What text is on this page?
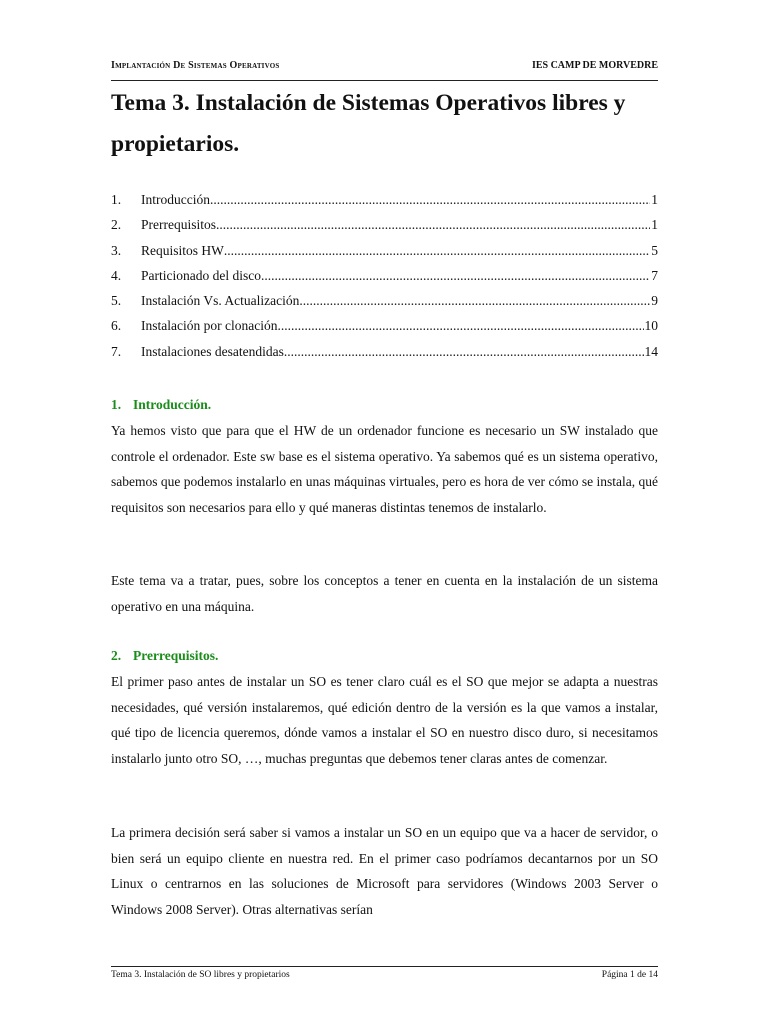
Implantación De Sistemas Operativos	IES CAMP DE MORVEDRE
Tema 3. Instalación de Sistemas Operativos libres y propietarios.
1.	Introducción .....	1
2.	Prerrequisitos .....	1
3.	Requisitos HW .....	5
4.	Particionado del disco .....	7
5.	Instalación Vs. Actualización .....	9
6.	Instalación por clonación .....	10
7.	Instalaciones desatendidas .....	14
1. Introducción.

Ya hemos visto que para que el HW de un ordenador funcione es necesario un SW instalado que controle el ordenador. Este sw base es el sistema operativo. Ya sabemos qué es un sistema operativo, sabemos que podemos instalarlo en unas máquinas virtuales, pero es hora de ver cómo se instala, qué requisitos son necesarios para ello y qué maneras distintas tenemos de instalarlo.

Este tema va a tratar, pues, sobre los conceptos a tener en cuenta en la instalación de un sistema operativo en una máquina.

2. Prerrequisitos.

El primer paso antes de instalar un SO es tener claro cuál es el SO que mejor se adapta a nuestras necesidades, qué versión instalaremos, qué edición dentro de la versión es la que vamos a instalar, qué tipo de licencia queremos, dónde vamos a instalar el SO en nuestro disco duro, si necesitamos instalarlo junto otro SO, …, muchas preguntas que debemos tener claras antes de comenzar.

La primera decisión será saber si vamos a instalar un SO en un equipo que va a hacer de servidor, o bien será un equipo cliente en nuestra red. En el primer caso podríamos decantarnos por un SO Linux o centrarnos en las soluciones de Microsoft para servidores (Windows 2003 Server o Windows 2008 Server). Otras alternativas serían

Tema 3. Instalación de SO libres y propietarios	Página 1 de 14
